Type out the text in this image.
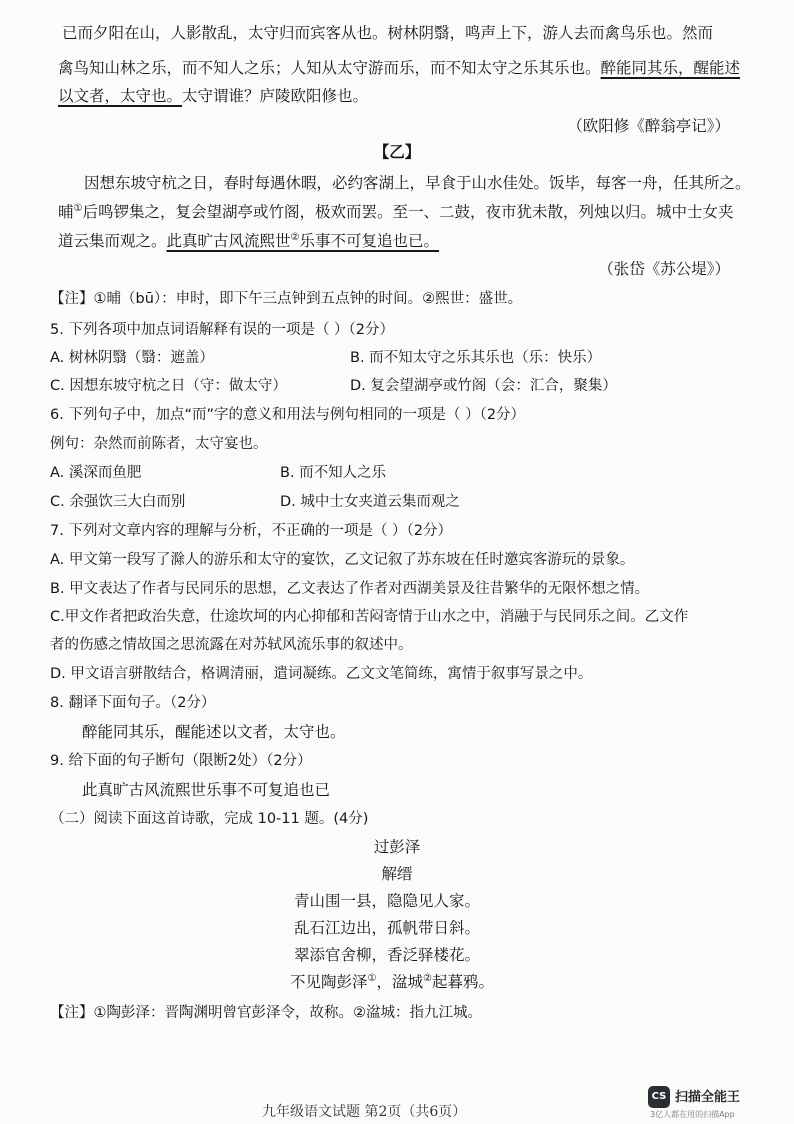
已而夕阳在山，人影散乱，太守归而宾客从也。树林阴翳，鸣声上下，游人去而禽鸟乐也。然而
禽鸟知山林之乐，而不知人之乐；人知从太守游而乐，而不知太守之乐其乐也。醉能同其乐，醒能述
以文者，太守也。太守谓谁？庐陵欧阳修也。
（欧阳修《醉翁亭记》）
【乙】
因想东坡守杭之日，春时每遇休暇，必约客湖上，早食于山水佳处。饭毕，每客一舟，任其所之。
晡①后鸣锣集之，复会望湖亭或竹阁，极欢而罢。至一、二鼓，夜市犹未散，列烛以归。城中士女夹
道云集而观之。此真旷古风流熙世②乐事不可复追也已。
（张岱《苏公堤》）
【注】①晡（bū）：申时，即下午三点钟到五点钟的时间。②熙世：盛世。
5. 下列各项中加点词语解释有误的一项是（ ）（2分）
A. 树林阴翳（翳：遮盖）	B. 而不知太守之乐其乐也（乐：快乐）
C. 因想东坡守杭之日（守：做太守）	D. 复会望湖亭或竹阁（会：汇合，聚集）
6. 下列句子中，加点“而”字的意义和用法与例句相同的一项是（ ）（2分）
例句：杂然而前陈者，太守宴也。
A. 溪深而鱼肥	B. 而不知人之乐
C. 余强饮三大白而别	D. 城中士女夹道云集而观之
7. 下列对文章内容的理解与分析，不正确的一项是（ ）（2分）
A. 甲文第一段写了滁人的游乐和太守的宴饮，乙文记叙了苏东坡在任时邀宾客游玩的景象。
B. 甲文表达了作者与民同乐的思想，乙文表达了作者对西湖美景及往昔繁华的无限怀想之情。
C.甲文作者把政治失意，仕途坎坷的内心抑郁和苦闷寄情于山水之中，消融于与民同乐之间。乙文作
者的伤感之情故国之思流露在对苏轼风流乐事的叙述中。
D. 甲文语言骈散结合，格调清丽，遣词凝练。乙文文笔简练，寓情于叙事写景之中。
8. 翻译下面句子。（2分）
醉能同其乐，醒能述以文者，太守也。
9. 给下面的句子断句（限断2处）（2分）
此真旷古风流熙世乐事不可复追也已
（二）阅读下面这首诗歌，完成 10-11 题。(4分)
过彭泽
解缙
青山围一县，隐隐见人家。
乱石江边出，孤帆带日斜。
翠添官舍柳，香泛驿楼花。
不见陶彭泽①，湓城②起暮鸦。
【注】①陶彭泽：晋陶渊明曾官彭泽令，故称。②湓城：指九江城。
九年级语文试题 第2页（共6页）
CS 扫描全能王
3亿人都在用的扫描App
